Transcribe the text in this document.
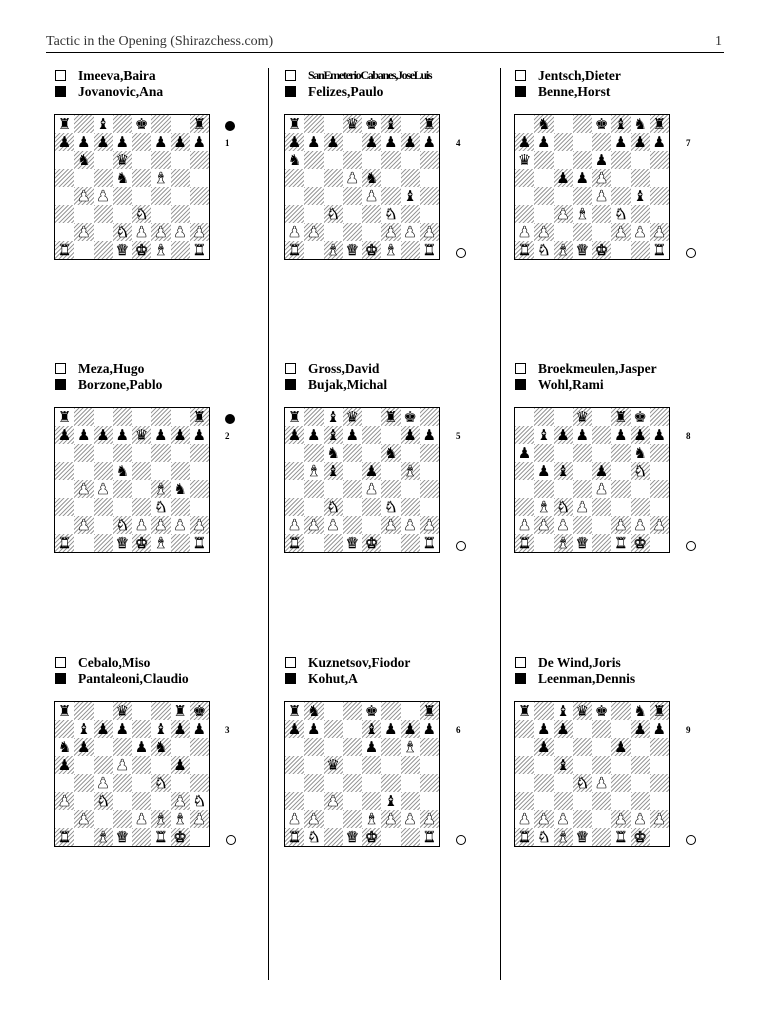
Tactic in the Opening (Shirazchess.com)	1
Imeeva,Baira
Jovanovic,Ana
♜ ♝ ♚	♜
♟ ♟ ♟ ♟ ♟ ♟ ♟
♞ ♛
♞ ♝
♟ ♟
♞
♟ ♞ ♟ ♟ ♟ ♟
♜	♛ ♚ ♝ ♜
1
Meza,Hugo
Borzone,Pablo
♜	♜
♟ ♟ ♟ ♟ ♛ ♟ ♟ ♟
♞
♟ ♟	♝ ♞
♞
♟ ♞ ♟ ♟ ♟ ♟
♜	♛ ♚ ♝ ♜
2
Cebalo,Miso
Pantaleoni,Claudio
♜	♛	♜ ♚
♝ ♟ ♟ ♝ ♟ ♟
♞ ♟	♟ ♞
♟	♟	♟
♟	♞
♟ ♞	♟ ♞
♟	♟ ♝ ♝ ♟
♜ ♝ ♛ ♜ ♚
3
SanEmeterioCabanes,JoseLuis
Felizes,Paulo
♜	♛ ♚ ♝ ♜
♟ ♟ ♟ ♟ ♟ ♟ ♟
♞
♟ ♞
♟ ♝
♞	♞
♟ ♟	♟ ♟ ♟
♜ ♝ ♛ ♚ ♝ ♜
4
Gross,David
Bujak,Michal
♜ ♝ ♛ ♜ ♚
♟ ♟ ♝ ♟	♟ ♟
♞	♞
♝ ♝ ♟ ♝
♟
♞	♞
♟ ♟ ♟	♟ ♟ ♟
♜	♛ ♚	♜
5
Kuznetsov,Fiodor
Kohut,A
♜ ♞	♚	♜
♟ ♟	♝ ♟ ♟ ♟
♟ ♝
♛
♟	♝
♟ ♟	♝ ♟ ♟ ♟
♜ ♞ ♛ ♚	♜
6
Jentsch,Dieter
Benne,Horst
♞	♚ ♝ ♞ ♜
♟ ♟	♟ ♟ ♟
♛	♟
♟ ♟ ♟
♟ ♝
♟ ♝ ♞
♟ ♟	♟ ♟ ♟
♜ ♞ ♝ ♛ ♚	♜
7
Broekmeulen,Jasper
Wohl,Rami
♛ ♜ ♚
♝ ♟ ♟ ♟ ♟ ♟
♟	♞
♟ ♝ ♟ ♞
♟
♝ ♞ ♟
♟ ♟ ♟	♟ ♟ ♟
♜ ♝ ♛ ♜ ♚
8
De Wind,Joris
Leenman,Dennis
♜ ♝ ♛ ♚ ♞ ♜
♟ ♟	♟ ♟
♟	♟
♝
♞ ♟
♟ ♟ ♟	♟ ♟ ♟
♜ ♞ ♝ ♛ ♜ ♚
9
